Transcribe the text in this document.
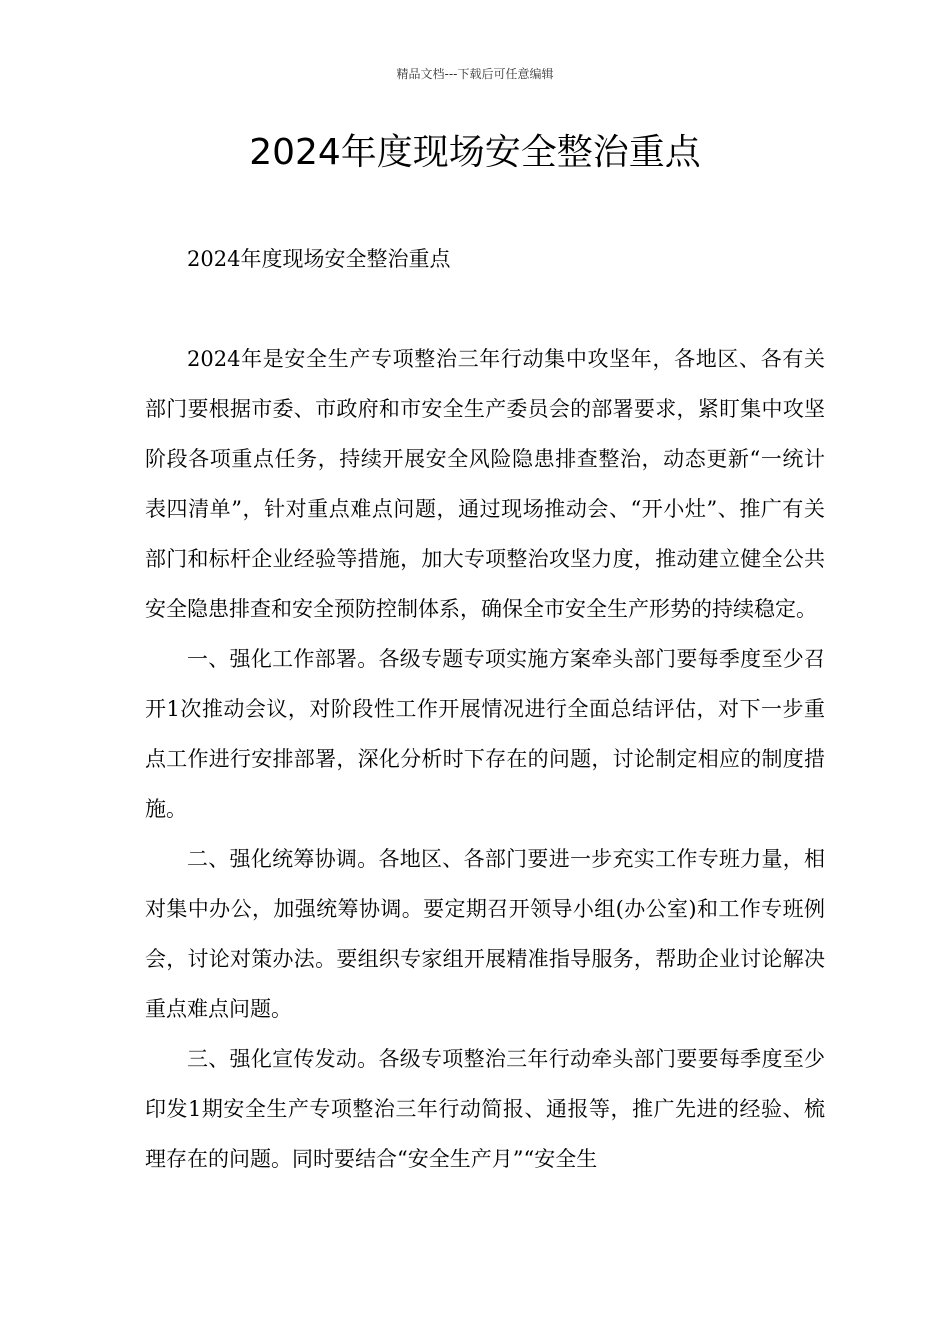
精品文档---下载后可任意编辑
2024年度现场安全整治重点

2024年度现场安全整治重点

2024年是安全生产专项整治三年行动集中攻坚年，各地区、各有关部门要根据市委、市政府和市安全生产委员会的部署要求，紧盯集中攻坚阶段各项重点任务，持续开展安全风险隐患排查整治，动态更新“一统计表四清单”，针对重点难点问题，通过现场推动会、“开小灶”、推广有关部门和标杆企业经验等措施，加大专项整治攻坚力度，推动建立健全公共安全隐患排查和安全预防控制体系，确保全市安全生产形势的持续稳定。

一、强化工作部署。各级专题专项实施方案牵头部门要每季度至少召开1次推动会议，对阶段性工作开展情况进行全面总结评估，对下一步重点工作进行安排部署，深化分析时下存在的问题，讨论制定相应的制度措施。

二、强化统筹协调。各地区、各部门要进一步充实工作专班力量，相对集中办公，加强统筹协调。要定期召开领导小组(办公室)和工作专班例会，讨论对策办法。要组织专家组开展精准指导服务，帮助企业讨论解决重点难点问题。

三、强化宣传发动。各级专项整治三年行动牵头部门要要每季度至少印发1期安全生产专项整治三年行动简报、通报等，推广先进的经验、梳理存在的问题。同时要结合“安全生产月”“安全生
